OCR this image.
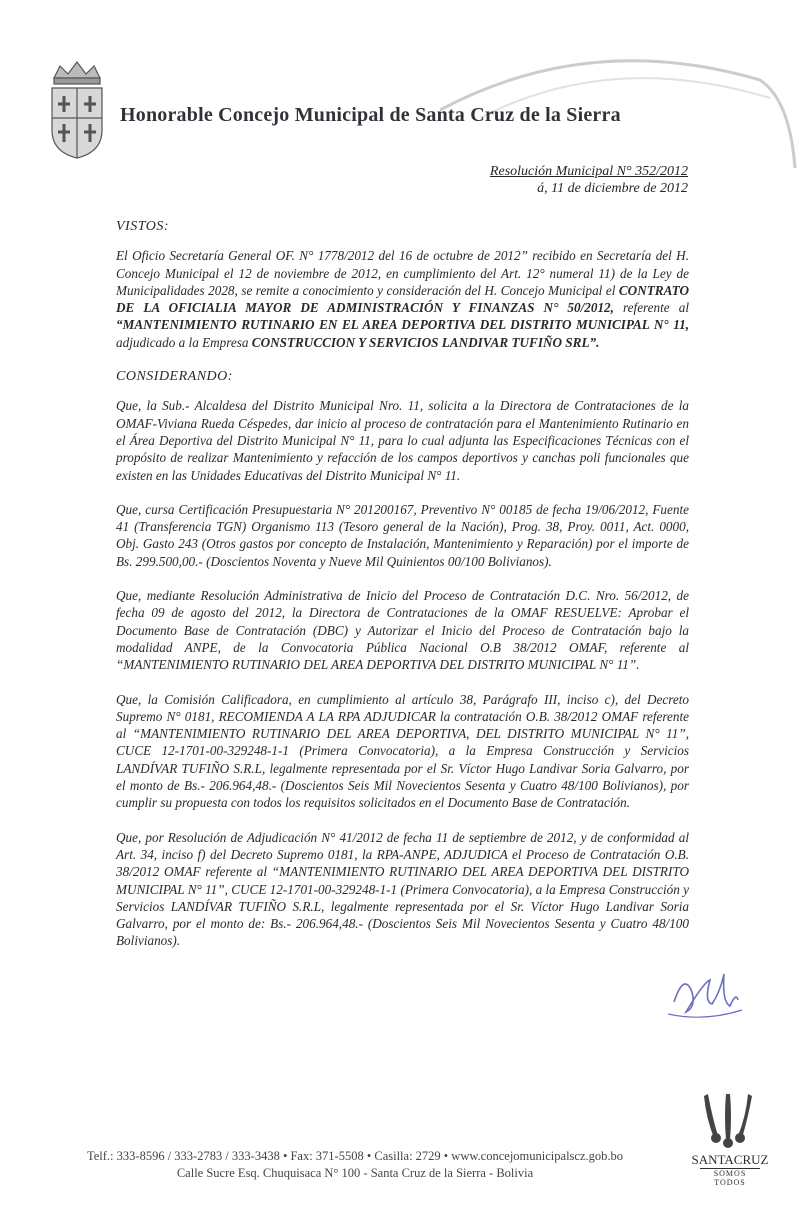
Honorable Concejo Municipal de Santa Cruz de la Sierra
Resolución Municipal N° 352/2012
á, 11 de diciembre de 2012
VISTOS:
El Oficio Secretaría General OF. N° 1778/2012 del 16 de octubre de 2012” recibido en Secretaría del H. Concejo Municipal el 12 de noviembre de 2012, en cumplimiento del Art. 12° numeral 11) de la Ley de Municipalidades 2028, se remite a conocimiento y consideración del H. Concejo Municipal el CONTRATO DE LA OFICIALIA MAYOR DE ADMINISTRACIÓN Y FINANZAS N° 50/2012, referente al “MANTENIMIENTO RUTINARIO EN EL AREA DEPORTIVA DEL DISTRITO MUNICIPAL N° 11, adjudicado a la Empresa CONSTRUCCION Y SERVICIOS LANDIVAR TUFIÑO SRL”.
CONSIDERANDO:
Que, la Sub.- Alcaldesa del Distrito Municipal Nro. 11, solicita a la Directora de Contrataciones de la OMAF-Viviana Rueda Céspedes, dar inicio al proceso de contratación para el Mantenimiento Rutinario en el Área Deportiva del Distrito Municipal N° 11, para lo cual adjunta las Especificaciones Técnicas con el propósito de realizar Mantenimiento y refacción de los campos deportivos y canchas poli funcionales que existen en las Unidades Educativas del Distrito Municipal N° 11.
Que, cursa Certificación Presupuestaria N° 201200167, Preventivo N° 00185 de fecha 19/06/2012, Fuente 41 (Transferencia TGN) Organismo 113 (Tesoro general de la Nación), Prog. 38, Proy. 0011, Act. 0000, Obj. Gasto 243 (Otros gastos por concepto de Instalación, Mantenimiento y Reparación) por el importe de Bs. 299.500,00.- (Doscientos Noventa y Nueve Mil Quinientos 00/100 Bolivianos).
Que, mediante Resolución Administrativa de Inicio del Proceso de Contratación D.C. Nro. 56/2012, de fecha 09 de agosto del 2012, la Directora de Contrataciones de la OMAF RESUELVE: Aprobar el Documento Base de Contratación (DBC) y Autorizar el Inicio del Proceso de Contratación bajo la modalidad ANPE, de la Convocatoria Pública Nacional O.B 38/2012 OMAF, referente al “MANTENIMIENTO RUTINARIO DEL AREA DEPORTIVA DEL DISTRITO MUNICIPAL N° 11”.
Que, la Comisión Calificadora, en cumplimiento al artículo 38, Parágrafo III, inciso c), del Decreto Supremo N° 0181, RECOMIENDA A LA RPA ADJUDICAR la contratación O.B. 38/2012 OMAF referente al “MANTENIMIENTO RUTINARIO DEL AREA DEPORTIVA, DEL DISTRITO MUNICIPAL N° 11”, CUCE 12-1701-00-329248-1-1 (Primera Convocatoria), a la Empresa Construcción y Servicios LANDÍVAR TUFIÑO S.R.L, legalmente representada por el Sr. Víctor Hugo Landivar Soria Galvarro, por el monto de Bs.- 206.964,48.- (Doscientos Seis Mil Novecientos Sesenta y Cuatro 48/100 Bolivianos), por cumplir su propuesta con todos los requisitos solicitados en el Documento Base de Contratación.
Que, por Resolución de Adjudicación N° 41/2012 de fecha 11 de septiembre de 2012, y de conformidad al Art. 34, inciso f) del Decreto Supremo 0181, la RPA-ANPE, ADJUDICA el Proceso de Contratación O.B. 38/2012 OMAF referente al “MANTENIMIENTO RUTINARIO DEL AREA DEPORTIVA DEL DISTRITO MUNICIPAL N° 11”, CUCE 12-1701-00-329248-1-1 (Primera Convocatoria), a la Empresa Construcción y Servicios LANDÍVAR TUFIÑO S.R.L, legalmente representada por el Sr. Víctor Hugo Landivar Soria Galvarro, por el monto de: Bs.- 206.964,48.- (Doscientos Seis Mil Novecientos Sesenta y Cuatro 48/100 Bolivianos).
Telf.: 333-8596 / 333-2783 / 333-3438 • Fax: 371-5508 • Casilla: 2729 • www.concejomunicipalscz.gob.bo
Calle Sucre Esq. Chuquisaca N° 100 - Santa Cruz de la Sierra - Bolivia
SANTACRUZ
SOMOS TODOS
